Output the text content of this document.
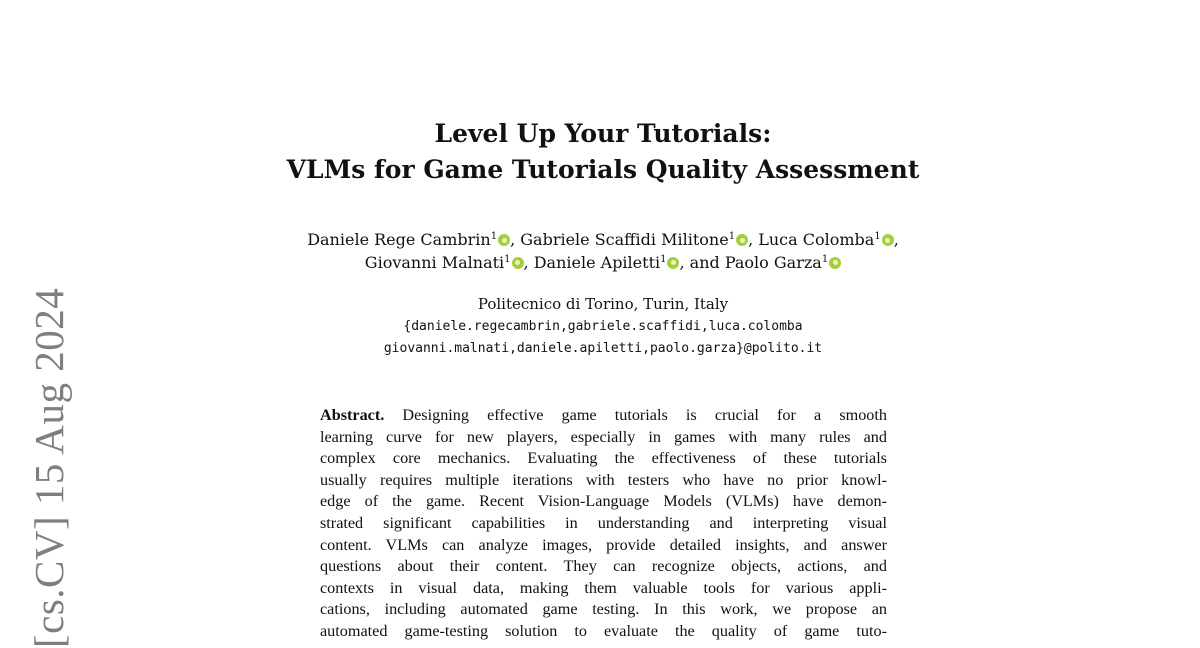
[cs.CV] 15 Aug 2024
Level Up Your Tutorials:
VLMs for Game Tutorials Quality Assessment
Daniele Rege Cambrin$^1$ , Gabriele Scaffidi Militone$^1$ , Luca Colomba$^1$ ,
Giovanni Malnati$^1$ , Daniele Apiletti$^1$ , and Paolo Garza$^1$
Politecnico di Torino, Turin, Italy
{daniele.regecambrin,gabriele.scaffidi,luca.colomba
giovanni.malnati,daniele.apiletti,paolo.garza}@polito.it
Abstract. Designing effective game tutorials is crucial for a smooth
learning curve for new players, especially in games with many rules and
complex core mechanics. Evaluating the effectiveness of these tutorials
usually requires multiple iterations with testers who have no prior knowl-
edge of the game. Recent Vision-Language Models (VLMs) have demon-
strated significant capabilities in understanding and interpreting visual
content. VLMs can analyze images, provide detailed insights, and answer
questions about their content. They can recognize objects, actions, and
contexts in visual data, making them valuable tools for various appli-
cations, including automated game testing. In this work, we propose an
automated game-testing solution to evaluate the quality of game tuto-
